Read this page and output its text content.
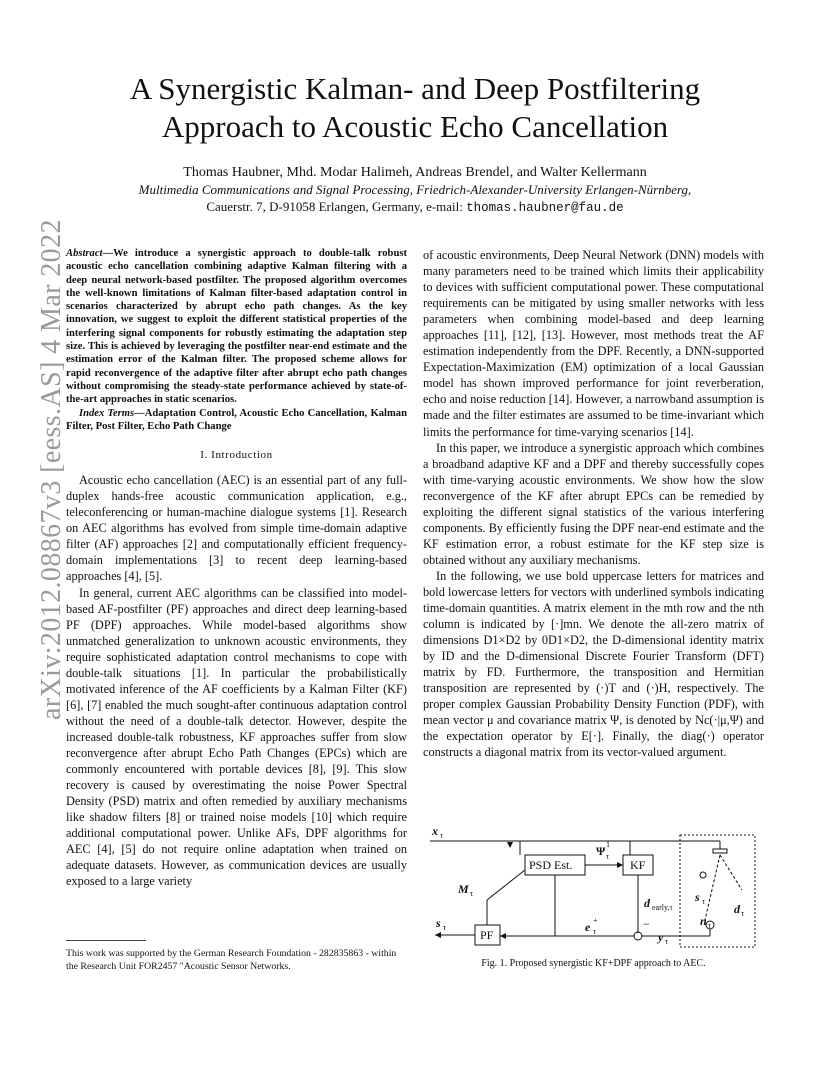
arXiv:2012.08867v3 [eess.AS] 4 Mar 2022
A Synergistic Kalman- and Deep Postfiltering
Approach to Acoustic Echo Cancellation
Thomas Haubner, Mhd. Modar Halimeh, Andreas Brendel, and Walter Kellermann
Multimedia Communications and Signal Processing, Friedrich-Alexander-University Erlangen-Nürnberg,
Cauerstr. 7, D-91058 Erlangen, Germany, e-mail: thomas.haubner@fau.de

Abstract—We introduce a synergistic approach to double-talk robust acoustic echo cancellation combining adaptive Kalman filtering with a deep neural network-based postfilter. The proposed algorithm overcomes the well-known limitations of Kalman filter-based adaptation control in scenarios characterized by abrupt echo path changes. As the key innovation, we suggest to exploit the different statistical properties of the interfering signal components for robustly estimating the adaptation step size. This is achieved by leveraging the postfilter near-end estimate and the estimation error of the Kalman filter. The proposed scheme allows for rapid reconvergence of the adaptive filter after abrupt echo path changes without compromising the steady-state performance achieved by state-of-the-art approaches in static scenarios.

Index Terms—Adaptation Control, Acoustic Echo Cancellation, Kalman Filter, Post Filter, Echo Path Change

I. Introduction

Acoustic echo cancellation (AEC) is an essential part of any full-duplex hands-free acoustic communication application, e.g., teleconferencing or human-machine dialogue systems [1]. Research on AEC algorithms has evolved from simple time-domain adaptive filter (AF) approaches [2] and computationally efficient frequency-domain implementations [3] to recent deep learning-based approaches [4], [5].

In general, current AEC algorithms can be classified into model-based AF-postfilter (PF) approaches and direct deep learning-based PF (DPF) approaches. While model-based algorithms show unmatched generalization to unknown acoustic environments, they require sophisticated adaptation control mechanisms to cope with double-talk situations [1]. In particular the probabilistically motivated inference of the AF coefficients by a Kalman Filter (KF) [6], [7] enabled the much sought-after continuous adaptation control without the need of a double-talk detector. However, despite the increased double-talk robustness, KF approaches suffer from slow reconvergence after abrupt Echo Path Changes (EPCs) which are commonly encountered with portable devices [8], [9]. This slow recovery is caused by overestimating the noise Power Spectral Density (PSD) matrix and often remedied by auxiliary mechanisms like shadow filters [8] or trained noise models [10] which require additional computational power. Unlike AFs, DPF algorithms for AEC [4], [5] do not require online adaptation when trained on adequate datasets. However, as communication devices are usually exposed to a large variety

of acoustic environments, Deep Neural Network (DNN) models with many parameters need to be trained which limits their applicability to devices with sufficient computational power. These computational requirements can be mitigated by using smaller networks with less parameters when combining model-based and deep learning approaches [11], [12], [13]. However, most methods treat the AF estimation independently from the DPF. Recently, a DNN-supported Expectation-Maximization (EM) optimization of a local Gaussian model has shown improved performance for joint reverberation, echo and noise reduction [14]. However, a narrowband assumption is made and the filter estimates are assumed to be time-invariant which limits the performance for time-varying scenarios [14].

In this paper, we introduce a synergistic approach which combines a broadband adaptive KF and a DPF and thereby successfully copes with time-varying acoustic environments. We show how the slow reconvergence of the KF after abrupt EPCs can be remedied by exploiting the different signal statistics of the various interfering components. By efficiently fusing the DPF near-end estimate and the KF estimation error, a robust estimate for the KF step size is obtained without any auxiliary mechanisms.

In the following, we use bold uppercase letters for matrices and bold lowercase letters for vectors with underlined symbols indicating time-domain quantities. A matrix element in the mth row and the nth column is indicated by [·]mn. We denote the all-zero matrix of dimensions D1×D2 by 0D1×D2, the D-dimensional identity matrix by ID and the D-dimensional Discrete Fourier Transform (DFT) matrix by FD. Furthermore, the transposition and Hermitian transposition are represented by (·)T and (·)H, respectively. The proper complex Gaussian Probability Density Function (PDF), with mean vector μ and covariance matrix Ψ, is denoted by Nc(·|μ,Ψ) and the expectation operator by E[·]. Finally, the diag(·) operator constructs a diagonal matrix from its vector-valued argument.

x τ
PSD Est.	KF
PF
Ψ 1
τ
M τ
s τ	e +
τ
d early,τ
−
y τ
s τ
n τ
d τ
Fig. 1. Proposed synergistic KF+DPF approach to AEC.
This work was supported by the German Research Foundation - 282835863 - within the Research Unit FOR2457 "Acoustic Sensor Networks.
